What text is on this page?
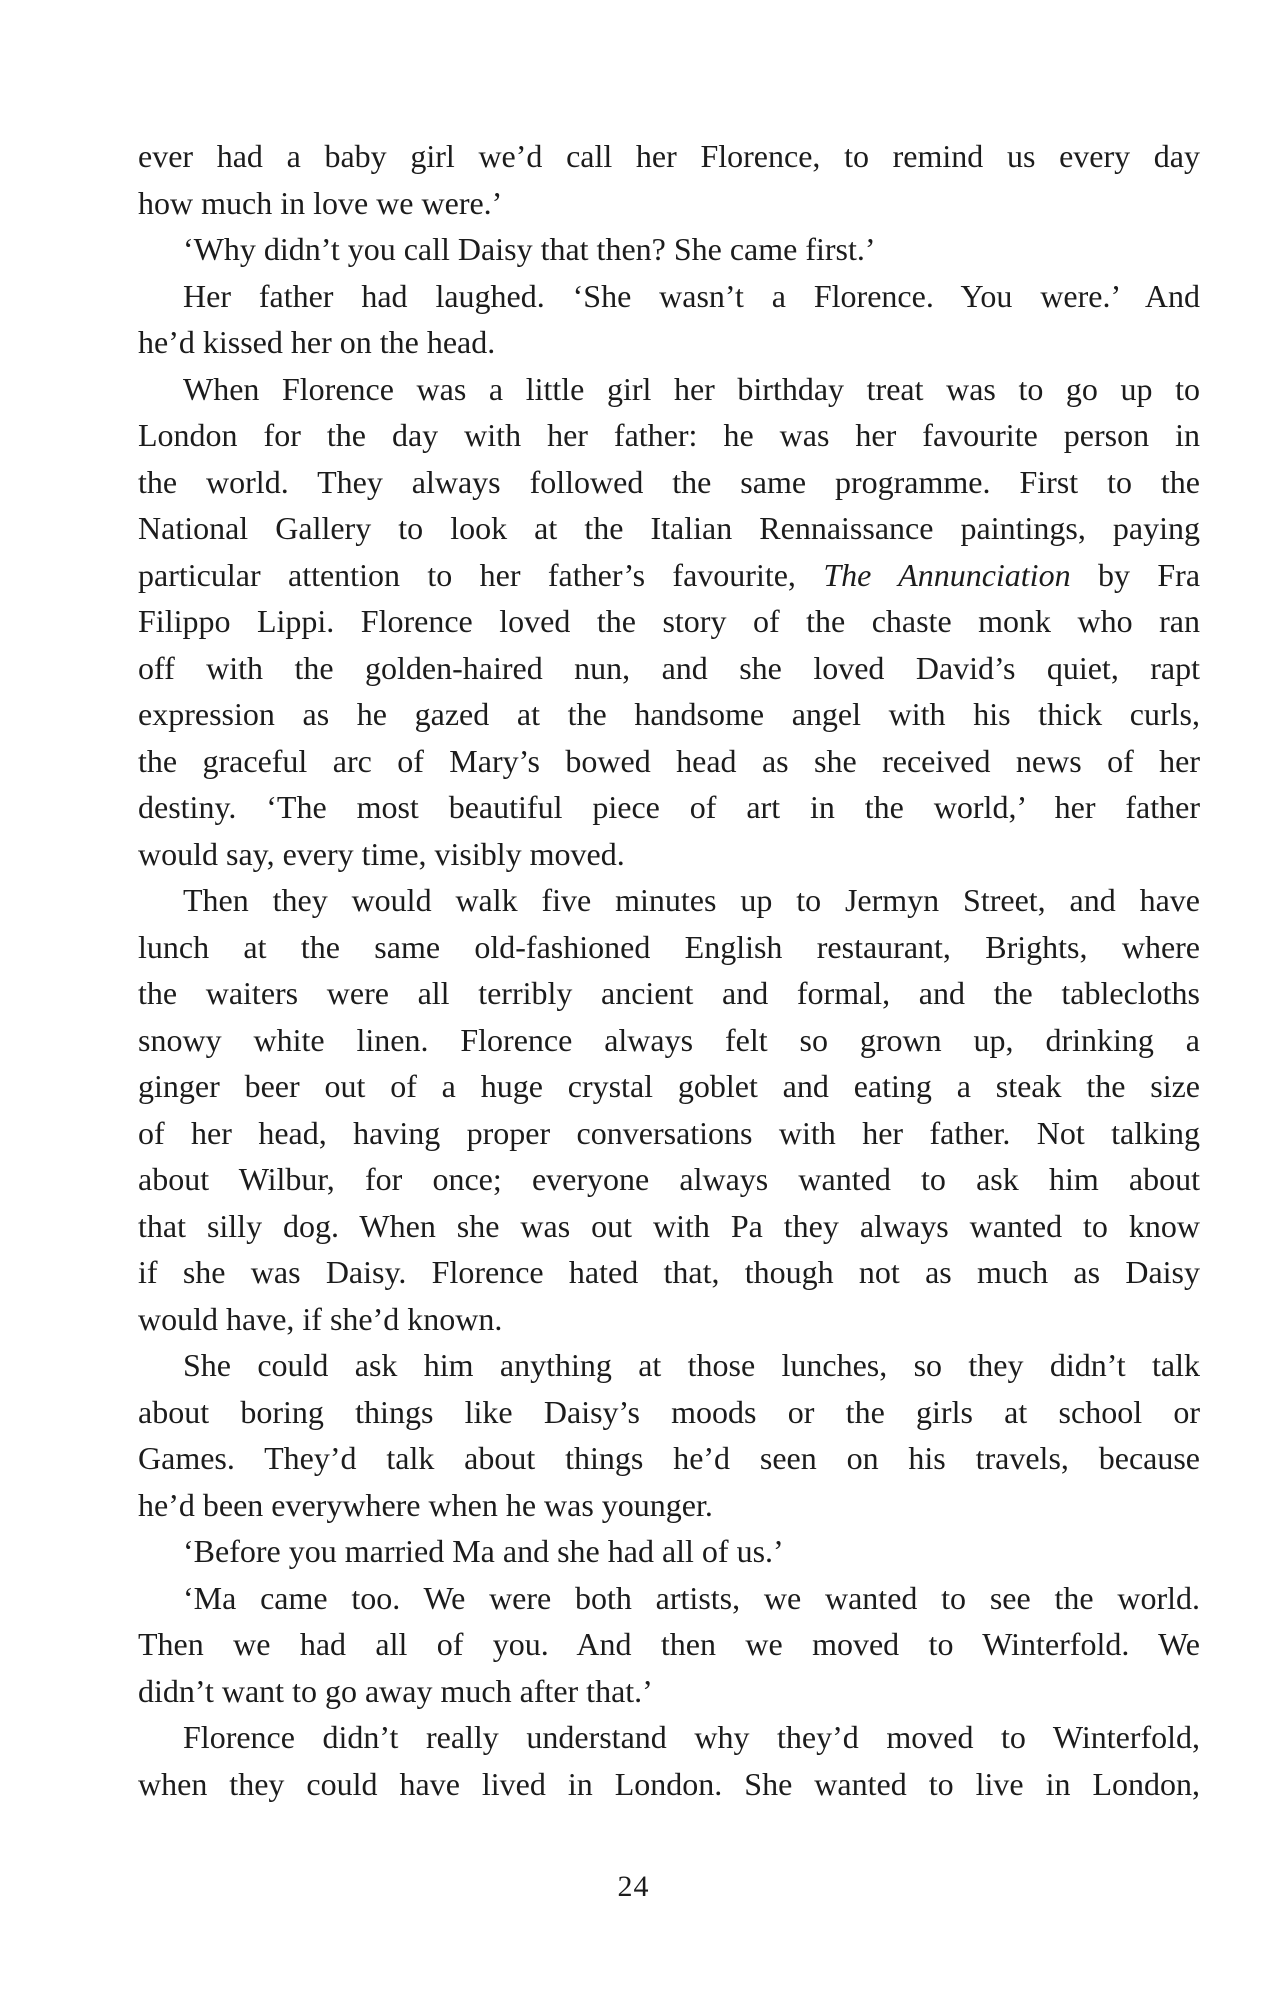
ever had a baby girl we’d call her Florence, to remind us every day
how much in love we were.’
‘Why didn’t you call Daisy that then? She came first.’
Her father had laughed. ‘She wasn’t a Florence. You were.’ And
he’d kissed her on the head.
When Florence was a little girl her birthday treat was to go up to
London for the day with her father: he was her favourite person in
the world. They always followed the same programme. First to the
National Gallery to look at the Italian Rennaissance paintings, paying
particular attention to her father’s favourite, The Annunciation by Fra
Filippo Lippi. Florence loved the story of the chaste monk who ran
off with the golden-haired nun, and she loved David’s quiet, rapt
expression as he gazed at the handsome angel with his thick curls,
the graceful arc of Mary’s bowed head as she received news of her
destiny. ‘The most beautiful piece of art in the world,’ her father
would say, every time, visibly moved.
Then they would walk five minutes up to Jermyn Street, and have
lunch at the same old-fashioned English restaurant, Brights, where
the waiters were all terribly ancient and formal, and the tablecloths
snowy white linen. Florence always felt so grown up, drinking a
ginger beer out of a huge crystal goblet and eating a steak the size
of her head, having proper conversations with her father. Not talking
about Wilbur, for once; everyone always wanted to ask him about
that silly dog. When she was out with Pa they always wanted to know
if she was Daisy. Florence hated that, though not as much as Daisy
would have, if she’d known.
She could ask him anything at those lunches, so they didn’t talk
about boring things like Daisy’s moods or the girls at school or
Games. They’d talk about things he’d seen on his travels, because
he’d been everywhere when he was younger.
‘Before you married Ma and she had all of us.’
‘Ma came too. We were both artists, we wanted to see the world.
Then we had all of you. And then we moved to Winterfold. We
didn’t want to go away much after that.’
Florence didn’t really understand why they’d moved to Winterfold,
when they could have lived in London. She wanted to live in London,
24
